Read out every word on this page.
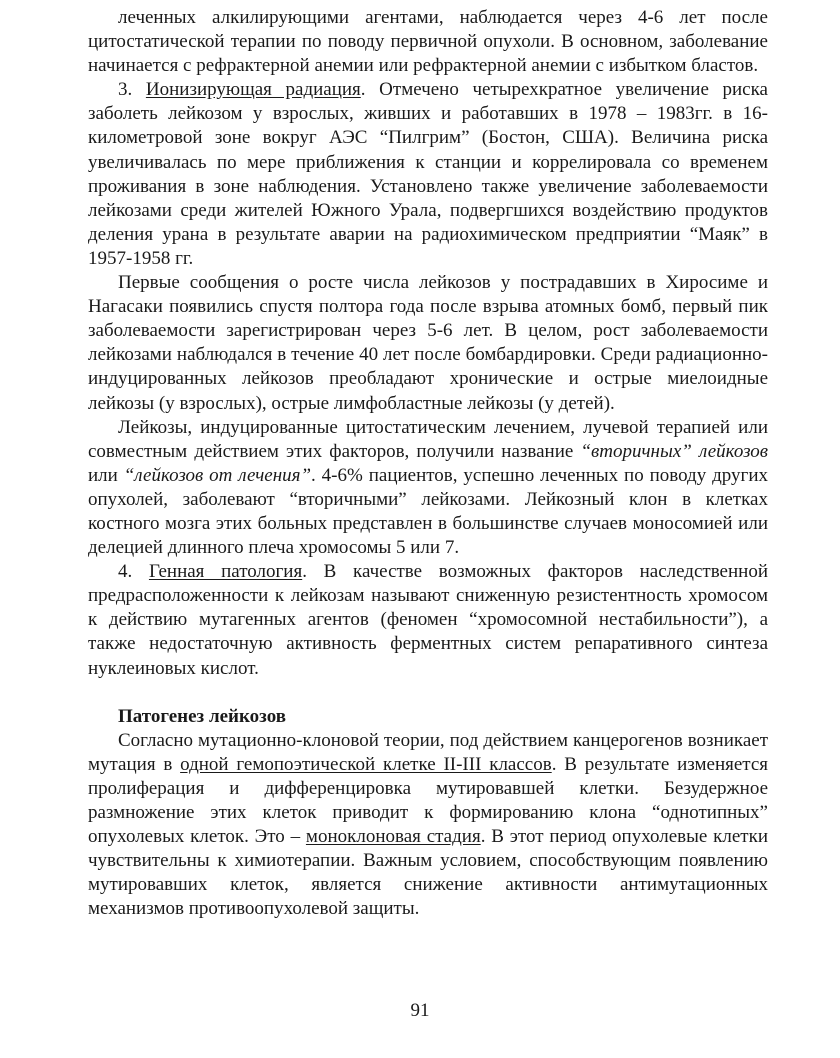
леченных алкилирующими агентами, наблюдается через 4-6 лет после цитостатической терапии по поводу первичной опухоли. В основном, заболевание начинается с рефрактерной анемии или рефрактерной анемии с избытком бластов.

3. Ионизирующая радиация. Отмечено четырехкратное увеличение риска заболеть лейкозом у взрослых, живших и работавших в 1978 – 1983гг. в 16-километровой зоне вокруг АЭС “Пилгрим” (Бостон, США). Величина риска увеличивалась по мере приближения к станции и коррелировала со временем проживания в зоне наблюдения. Установлено также увеличение заболеваемости лейкозами среди жителей Южного Урала, подвергшихся воздействию продуктов деления урана в результате аварии на радиохимическом предприятии “Маяк” в 1957-1958 гг.

Первые сообщения о росте числа лейкозов у пострадавших в Хиросиме и Нагасаки появились спустя полтора года после взрыва атомных бомб, первый пик заболеваемости зарегистрирован через 5-6 лет. В целом, рост заболеваемости лейкозами наблюдался в течение 40 лет после бомбардировки. Среди радиационно-индуцированных лейкозов преобладают хронические и острые миелоидные лейкозы (у взрослых), острые лимфобластные лейкозы (у детей).

Лейкозы, индуцированные цитостатическим лечением, лучевой терапией или совместным действием этих факторов, получили название “вторичных” лейкозов или “лейкозов от лечения”. 4-6% пациентов, успешно леченных по поводу других опухолей, заболевают “вторичными” лейкозами. Лейкозный клон в клетках костного мозга этих больных представлен в большинстве случаев моносомией или делецией длинного плеча хромосомы 5 или 7.

4. Генная патология. В качестве возможных факторов наследственной предрасположенности к лейкозам называют сниженную резистентность хромосом к действию мутагенных агентов (феномен “хромосомной нестабильности”), а также недостаточную активность ферментных систем репаративного синтеза нуклеиновых кислот.

Патогенез лейкозов

Согласно мутационно-клоновой теории, под действием канцерогенов возникает мутация в одной гемопоэтической клетке II-III классов. В результате изменяется пролиферация и дифференцировка мутировавшей клетки. Безудержное размножение этих клеток приводит к формированию клона “однотипных” опухолевых клеток. Это – моноклоновая стадия. В этот период опухолевые клетки чувствительны к химиотерапии. Важным условием, способствующим появлению мутировавших клеток, является снижение активности антимутационных механизмов противоопухолевой защиты.

91
